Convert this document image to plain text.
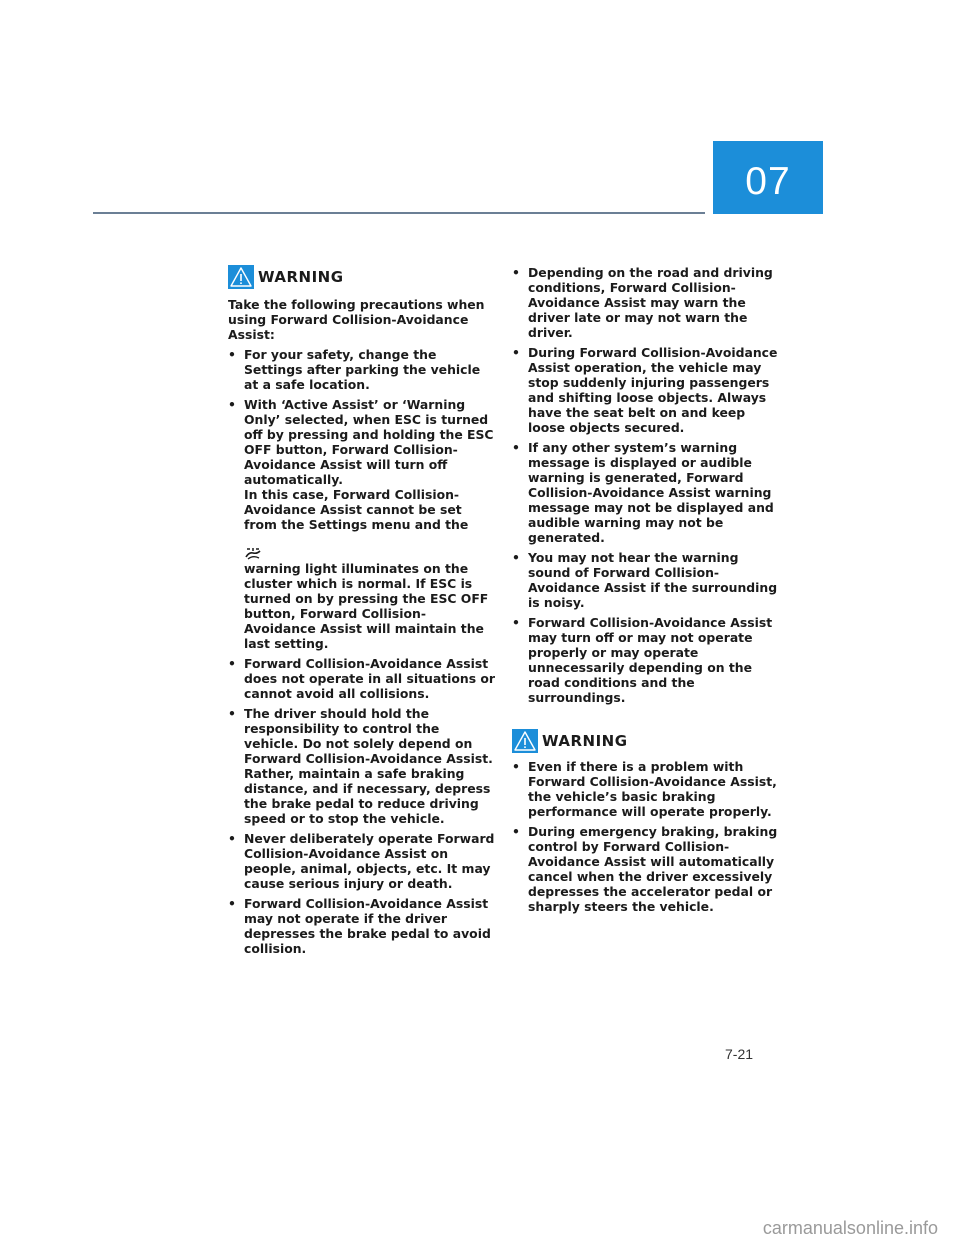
07
WARNING
Take the following precautions when using Forward Collision-Avoidance Assist:
• For your safety, change the Settings after parking the vehicle at a safe location.
• With ‘Active Assist’ or ‘Warning Only’ selected, when ESC is turned off by pressing and holding the ESC OFF button, Forward Collision-Avoidance Assist will turn off automatically.
In this case, Forward Collision-Avoidance Assist cannot be set from the Settings menu and the

warning light illuminates on the cluster which is normal. If ESC is turned on by pressing the ESC OFF button, Forward Collision-Avoidance Assist will maintain the last setting.
• Forward Collision-Avoidance Assist does not operate in all situations or cannot avoid all collisions.
• The driver should hold the responsibility to control the vehicle. Do not solely depend on Forward Collision-Avoidance Assist. Rather, maintain a safe braking distance, and if necessary, depress the brake pedal to reduce driving speed or to stop the vehicle.
• Never deliberately operate Forward Collision-Avoidance Assist on people, animal, objects, etc. It may cause serious injury or death.
• Forward Collision-Avoidance Assist may not operate if the driver depresses the brake pedal to avoid collision.
• Depending on the road and driving conditions, Forward Collision-Avoidance Assist may warn the driver late or may not warn the driver.
• During Forward Collision-Avoidance Assist operation, the vehicle may stop suddenly injuring passengers and shifting loose objects. Always have the seat belt on and keep loose objects secured.
• If any other system’s warning message is displayed or audible warning is generated, Forward Collision-Avoidance Assist warning message may not be displayed and audible warning may not be generated.
• You may not hear the warning sound of Forward Collision-Avoidance Assist if the surrounding is noisy.
• Forward Collision-Avoidance Assist may turn off or may not operate properly or may operate unnecessarily depending on the road conditions and the surroundings.
WARNING
• Even if there is a problem with Forward Collision-Avoidance Assist, the vehicle’s basic braking performance will operate properly.
• During emergency braking, braking control by Forward Collision-Avoidance Assist will automatically cancel when the driver excessively depresses the accelerator pedal or sharply steers the vehicle.
7-21
carmanualsonline.info
